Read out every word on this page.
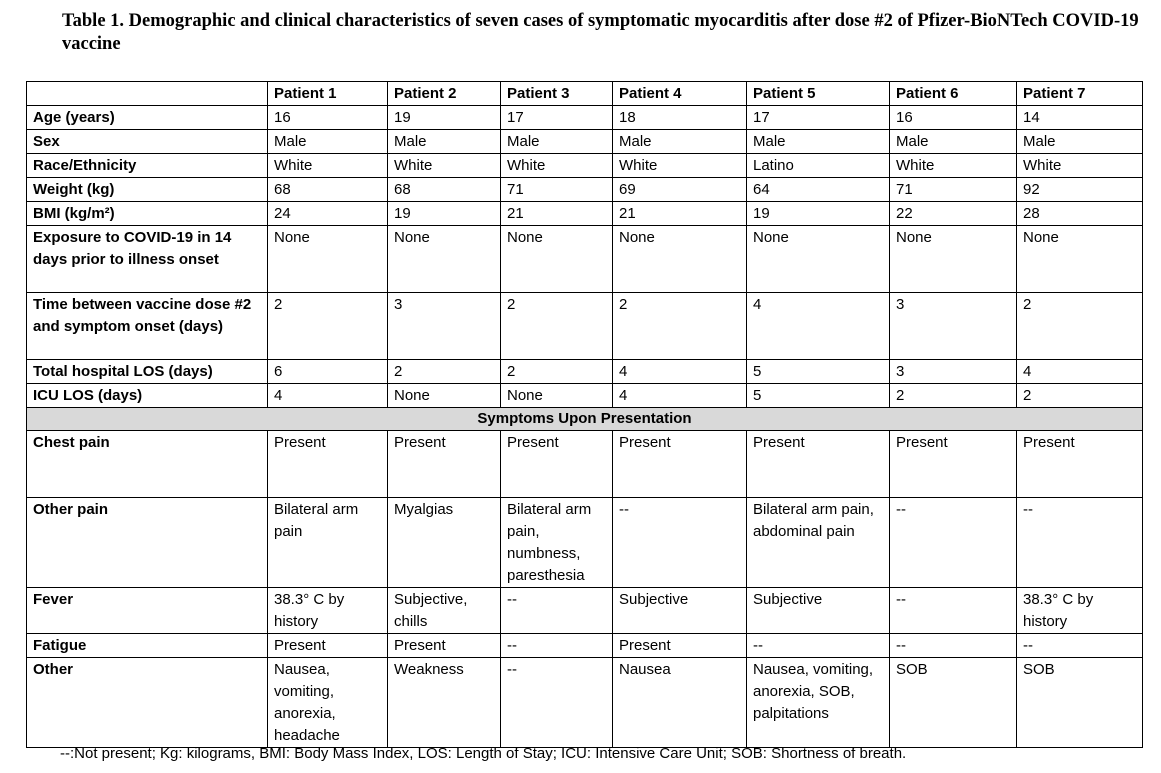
Table 1. Demographic and clinical characteristics of seven cases of symptomatic myocarditis after dose #2 of Pfizer-BioNTech COVID-19 vaccine
	Patient 1	Patient 2	Patient 3	Patient 4	Patient 5	Patient 6	Patient 7
Age (years)	16	19	17	18	17	16	14
Sex	Male	Male	Male	Male	Male	Male	Male
Race/Ethnicity	White	White	White	White	Latino	White	White
Weight (kg)	68	68	71	69	64	71	92
BMI (kg/m²)	24	19	21	21	19	22	28
Exposure to COVID-19 in 14 days prior to illness onset	None	None	None	None	None	None	None
Time between vaccine dose #2 and symptom onset (days)	2	3	2	2	4	3	2
Total hospital LOS (days)	6	2	2	4	5	3	4
ICU LOS (days)	4	None	None	4	5	2	2
Symptoms Upon Presentation							
Chest pain	Present	Present	Present	Present	Present	Present	Present
Other pain	Bilateral arm pain	Myalgias	Bilateral arm pain, numbness, paresthesia	--	Bilateral arm pain, abdominal pain	--	--
Fever	38.3° C by history	Subjective, chills	--	Subjective	Subjective	--	38.3° C by history
Fatigue	Present	Present	--	Present	--	--	--
Other	Nausea, vomiting, anorexia, headache	Weakness	--	Nausea	Nausea, vomiting, anorexia, SOB, palpitations	SOB	SOB
--:Not present; Kg: kilograms, BMI: Body Mass Index, LOS: Length of Stay; ICU: Intensive Care Unit; SOB: Shortness of breath.
